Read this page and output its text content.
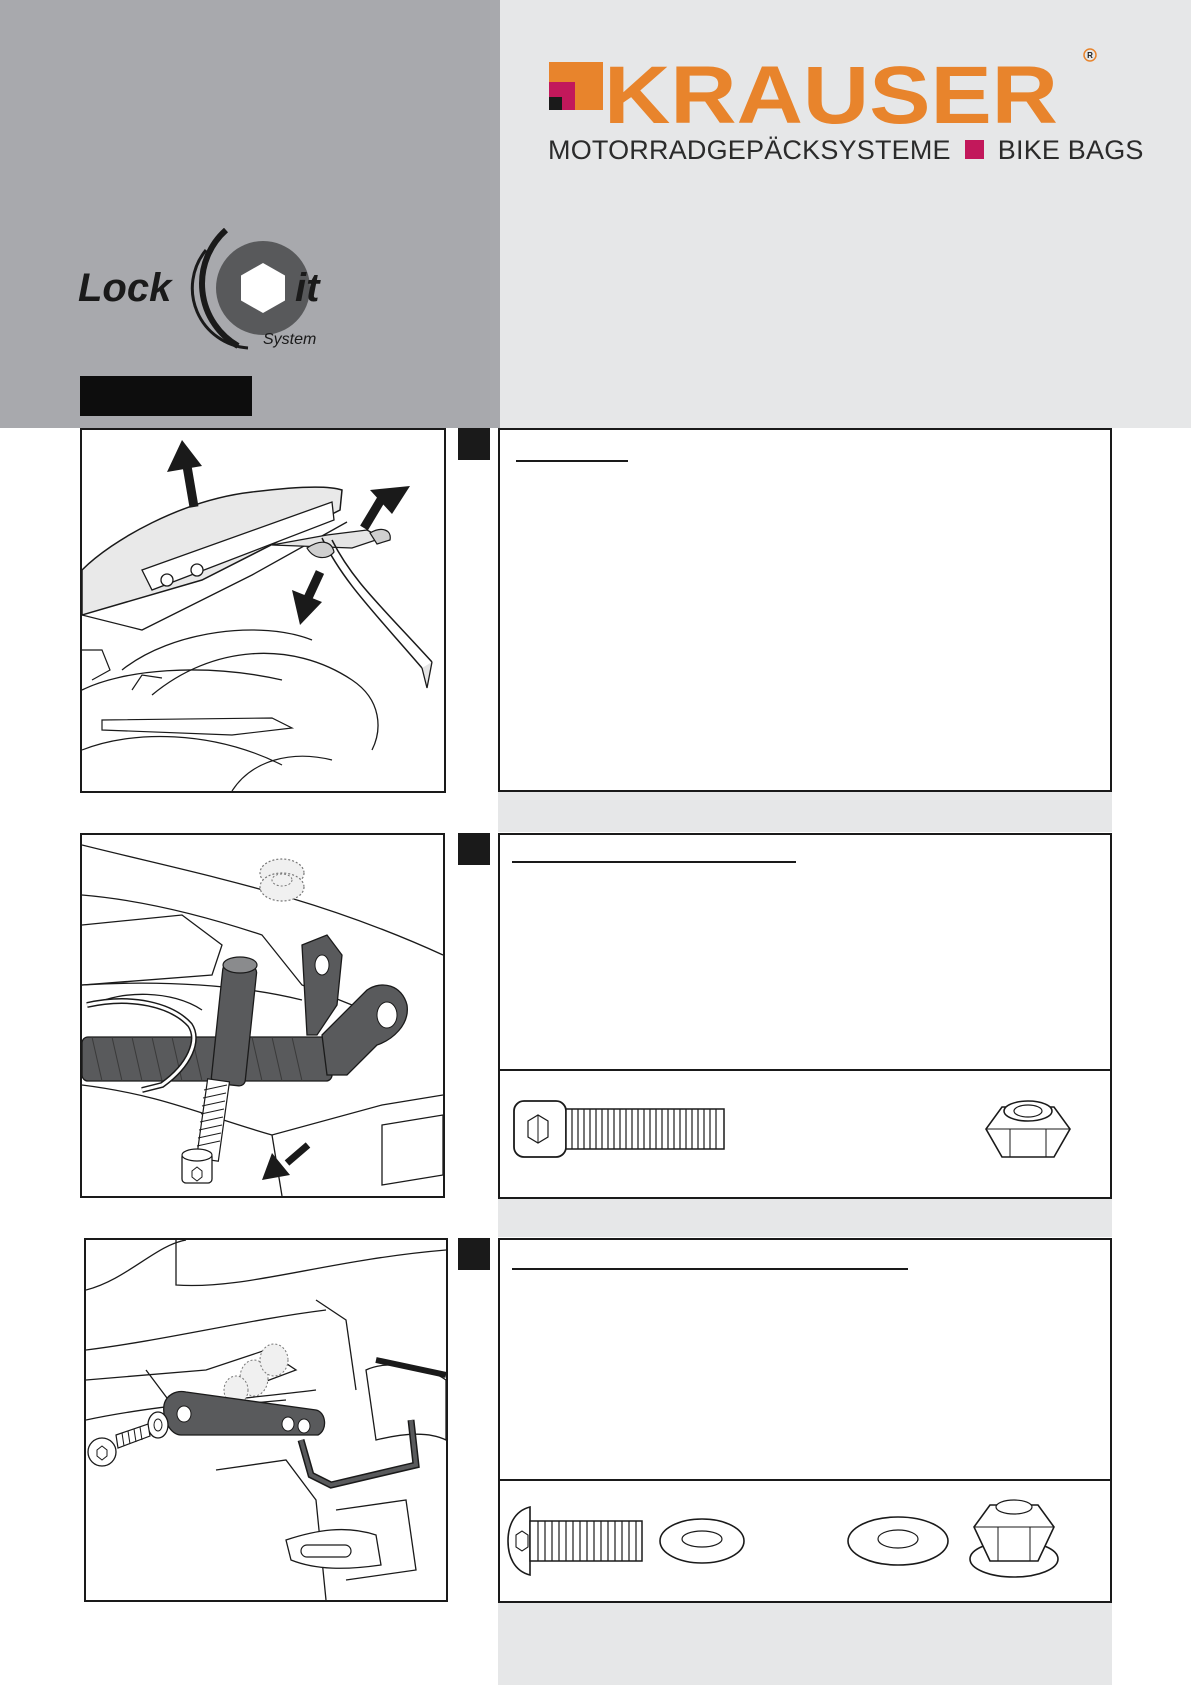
KRAUSER	R
MOTORRADGEPÄCKSYSTEME BIKE BAGS
Lock	it
System
